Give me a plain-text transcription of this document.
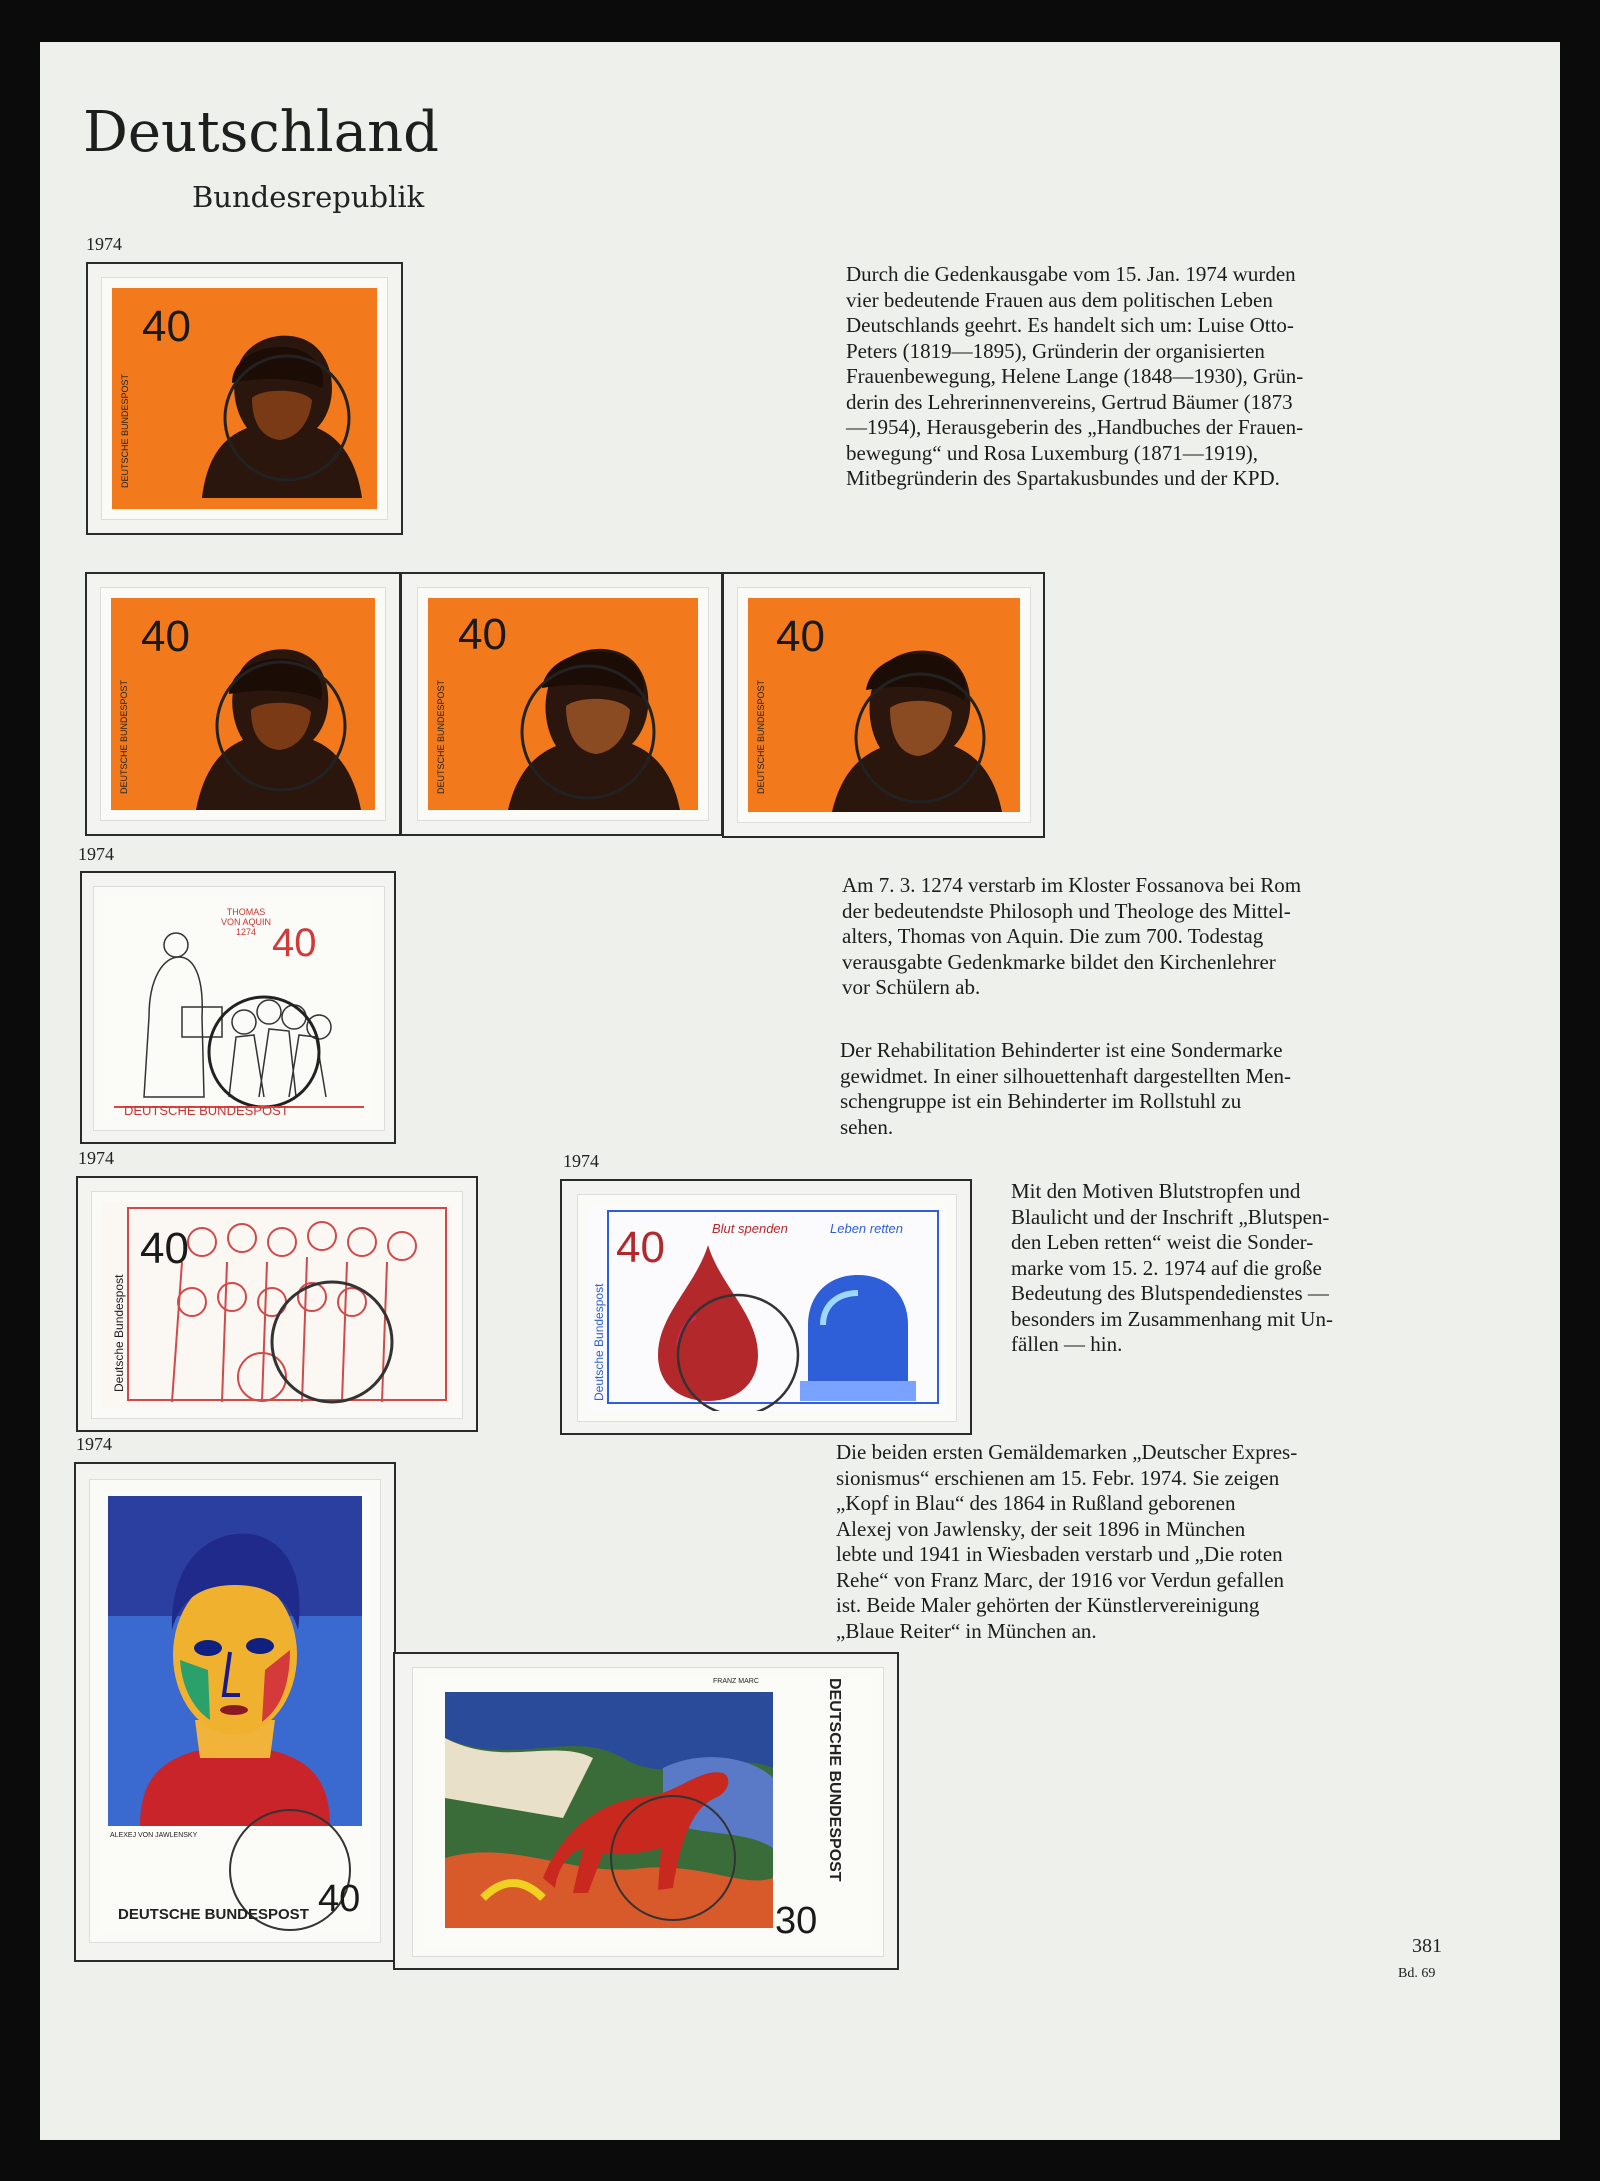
Deutschland
Bundesrepublik
1974
1974
1974	1974
1974
40
DEUTSCHE BUNDESPOST
40
DEUTSCHE BUNDESPOST
40
DEUTSCHE BUNDESPOST
40
DEUTSCHE BUNDESPOST
40
THOMAS VON AQUIN 1274
DEUTSCHE BUNDESPOST
40
Deutsche Bundespost
40	Blut spenden	Leben retten
Deutsche Bundespost
ALEXEJ VON JAWLENSKY
40
DEUTSCHE BUNDESPOST
FRANZ MARC
30
DEUTSCHE BUNDESPOST
Durch die Gedenkausgabe vom 15. Jan. 1974 wurden
vier bedeutende Frauen aus dem politischen Leben
Deutschlands geehrt. Es handelt sich um: Luise Otto-
Peters (1819—1895), Gründerin der organisierten
Frauenbewegung, Helene Lange (1848—1930), Grün-
derin des Lehrerinnenvereins, Gertrud Bäumer (1873
—1954), Herausgeberin des „Handbuches der Frauen-
bewegung“ und Rosa Luxemburg (1871—1919),
Mitbegründerin des Spartakusbundes und der KPD.
Am 7. 3. 1274 verstarb im Kloster Fossanova bei Rom
der bedeutendste Philosoph und Theologe des Mittel-
alters, Thomas von Aquin. Die zum 700. Todestag
verausgabte Gedenkmarke bildet den Kirchenlehrer
vor Schülern ab.
Der Rehabilitation Behinderter ist eine Sondermarke
gewidmet. In einer silhouettenhaft dargestellten Men-
schengruppe ist ein Behinderter im Rollstuhl zu
sehen.
Mit den Motiven Blutstropfen und
Blaulicht und der Inschrift „Blutspen-
den Leben retten“ weist die Sonder-
marke vom 15. 2. 1974 auf die große
Bedeutung des Blutspendedienstes —
besonders im Zusammenhang mit Un-
fällen — hin.
Die beiden ersten Gemäldemarken „Deutscher Expres-
sionismus“ erschienen am 15. Febr. 1974. Sie zeigen
„Kopf in Blau“ des 1864 in Rußland geborenen
Alexej von Jawlensky, der seit 1896 in München
lebte und 1941 in Wiesbaden verstarb und „Die roten
Rehe“ von Franz Marc, der 1916 vor Verdun gefallen
ist. Beide Maler gehörten der Künstlervereinigung
„Blaue Reiter“ in München an.
381
Bd. 69
